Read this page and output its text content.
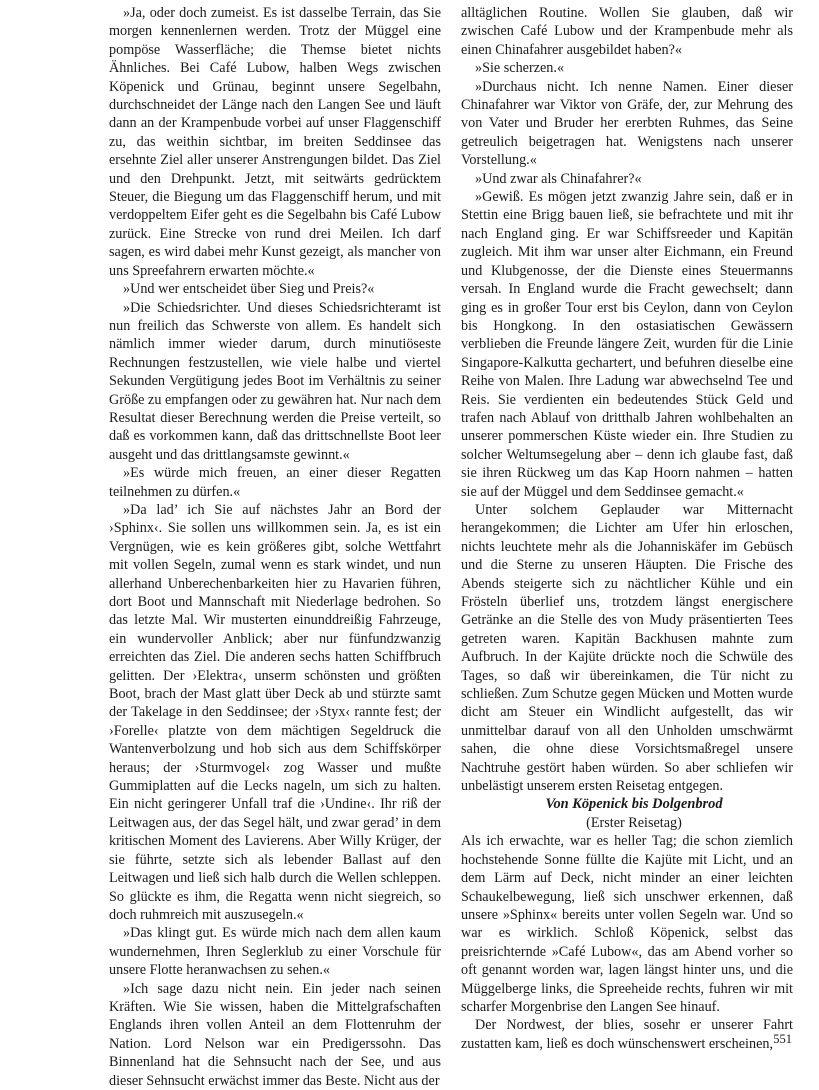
»Ja, oder doch zumeist. Es ist dasselbe Terrain, das Sie morgen kennenlernen werden. Trotz der Müggel eine pompöse Wasserfläche; die Themse bietet nichts Ähnliches. Bei Café Lubow, halben Wegs zwischen Köpenick und Grünau, beginnt unsere Segelbahn, durchschneidet der Länge nach den Langen See und läuft dann an der Krampenbude vorbei auf unser Flaggenschiff zu, das weithin sichtbar, im breiten Seddinsee das ersehnte Ziel aller unserer Anstrengungen bildet. Das Ziel und den Drehpunkt. Jetzt, mit seitwärts gedrücktem Steuer, die Biegung um das Flaggenschiff herum, und mit verdoppeltem Eifer geht es die Segelbahn bis Café Lubow zurück. Eine Strecke von rund drei Meilen. Ich darf sagen, es wird dabei mehr Kunst gezeigt, als mancher von uns Spreefahrern erwarten möchte.«

»Und wer entscheidet über Sieg und Preis?«

»Die Schiedsrichter. Und dieses Schiedsrichteramt ist nun freilich das Schwerste von allem. Es handelt sich nämlich immer wieder darum, durch minutiöseste Rechnungen festzustellen, wie viele halbe und viertel Sekunden Vergütigung jedes Boot im Verhältnis zu seiner Größe zu empfangen oder zu gewähren hat. Nur nach dem Resultat dieser Berechnung werden die Preise verteilt, so daß es vorkommen kann, daß das drittschnellste Boot leer ausgeht und das drittlangsamste gewinnt.«

»Es würde mich freuen, an einer dieser Regatten teilnehmen zu dürfen.«

»Da lad’ ich Sie auf nächstes Jahr an Bord der ›Sphinx‹. Sie sollen uns willkommen sein. Ja, es ist ein Vergnügen, wie es kein größeres gibt, solche Wettfahrt mit vollen Segeln, zumal wenn es stark windet, und nun allerhand Unberechenbarkeiten hier zu Havarien führen, dort Boot und Mannschaft mit Niederlage bedrohen. So das letzte Mal. Wir musterten einunddreißig Fahrzeuge, ein wundervoller Anblick; aber nur fünfundzwanzig erreichten das Ziel. Die anderen sechs hatten Schiffbruch gelitten. Der ›Elektra‹, unserm schönsten und größten Boot, brach der Mast glatt über Deck ab und stürzte samt der Takelage in den Seddinsee; der ›Styx‹ rannte fest; der ›Forelle‹ platzte von dem mächtigen Segeldruck die Wantenverbolzung und hob sich aus dem Schiffskörper heraus; der ›Sturmvogel‹ zog Wasser und mußte Gummiplatten auf die Lecks nageln, um sich zu halten. Ein nicht geringerer Unfall traf die ›Undine‹. Ihr riß der Leitwagen aus, der das Segel hält, und zwar gerad’ in dem kritischen Moment des Lavierens. Aber Willy Krüger, der sie führte, setzte sich als lebender Ballast auf den Leitwagen und ließ sich halb durch die Wellen schleppen. So glückte es ihm, die Regatta wenn nicht siegreich, so doch ruhmreich mit auszusegeln.«

»Das klingt gut. Es würde mich nach dem allen kaum wundernehmen, Ihren Seglerklub zu einer Vorschule für unsere Flotte heranwachsen zu sehen.«

»Ich sage dazu nicht nein. Ein jeder nach seinen Kräften. Wie Sie wissen, haben die Mittelgrafschaften Englands ihren vollen Anteil an dem Flottenruhm der Nation. Lord Nelson war ein Predigerssohn. Das Binnenland hat die Sehnsucht nach der See, und aus dieser Sehnsucht erwächst immer das Beste. Nicht aus der

alltäglichen Routine. Wollen Sie glauben, daß wir zwischen Café Lubow und der Krampenbude mehr als einen Chinafahrer ausgebildet haben?«

»Sie scherzen.«

»Durchaus nicht. Ich nenne Namen. Einer dieser Chinafahrer war Viktor von Gräfe, der, zur Mehrung des von Vater und Bruder her ererbten Ruhmes, das Seine getreulich beigetragen hat. Wenigstens nach unserer Vorstellung.«

»Und zwar als Chinafahrer?«

»Gewiß. Es mögen jetzt zwanzig Jahre sein, daß er in Stettin eine Brigg bauen ließ, sie befrachtete und mit ihr nach England ging. Er war Schiffsreeder und Kapitän zugleich. Mit ihm war unser alter Eichmann, ein Freund und Klubgenosse, der die Dienste eines Steuermanns versah. In England wurde die Fracht gewechselt; dann ging es in großer Tour erst bis Ceylon, dann von Ceylon bis Hongkong. In den ostasiatischen Gewässern verblieben die Freunde längere Zeit, wurden für die Linie Singapore-Kalkutta gechartert, und befuhren dieselbe eine Reihe von Malen. Ihre Ladung war abwechselnd Tee und Reis. Sie verdienten ein bedeutendes Stück Geld und trafen nach Ablauf von dritthalb Jahren wohlbehalten an unserer pommerschen Küste wieder ein. Ihre Studien zu solcher Weltumsegelung aber – denn ich glaube fast, daß sie ihren Rückweg um das Kap Hoorn nahmen – hatten sie auf der Müggel und dem Seddinsee gemacht.«

Unter solchem Geplauder war Mitternacht herangekommen; die Lichter am Ufer hin erloschen, nichts leuchtete mehr als die Johanniskäfer im Gebüsch und die Sterne zu unseren Häupten. Die Frische des Abends steigerte sich zu nächtlicher Kühle und ein Frösteln überlief uns, trotzdem längst energischere Getränke an die Stelle des von Mudy präsentierten Tees getreten waren. Kapitän Backhusen mahnte zum Aufbruch. In der Kajüte drückte noch die Schwüle des Tages, so daß wir übereinkamen, die Tür nicht zu schließen. Zum Schutze gegen Mücken und Motten wurde dicht am Steuer ein Windlicht aufgestellt, das wir unmittelbar darauf von all den Unholden umschwärmt sahen, die ohne diese Vorsichtsmaßregel unsere Nachtruhe gestört haben würden. So aber schliefen wir unbelästigt unserem ersten Reisetag entgegen.

Von Köpenick bis Dolgenbrod

(Erster Reisetag)

Als ich erwachte, war es heller Tag; die schon ziemlich hochstehende Sonne füllte die Kajüte mit Licht, und an dem Lärm auf Deck, nicht minder an einer leichten Schaukelbewegung, ließ sich unschwer erkennen, daß unsere »Sphinx« bereits unter vollen Segeln war. Und so war es wirklich. Schloß Köpenick, selbst das preisrichternde »Café Lubow«, das am Abend vorher so oft genannt worden war, lagen längst hinter uns, und die Müggelberge links, die Spreeheide rechts, fuhren wir mit scharfer Morgenbrise den Langen See hinauf.

Der Nordwest, der blies, sosehr er unserer Fahrt zustatten kam, ließ es doch wünschenswert erscheinen, 551
